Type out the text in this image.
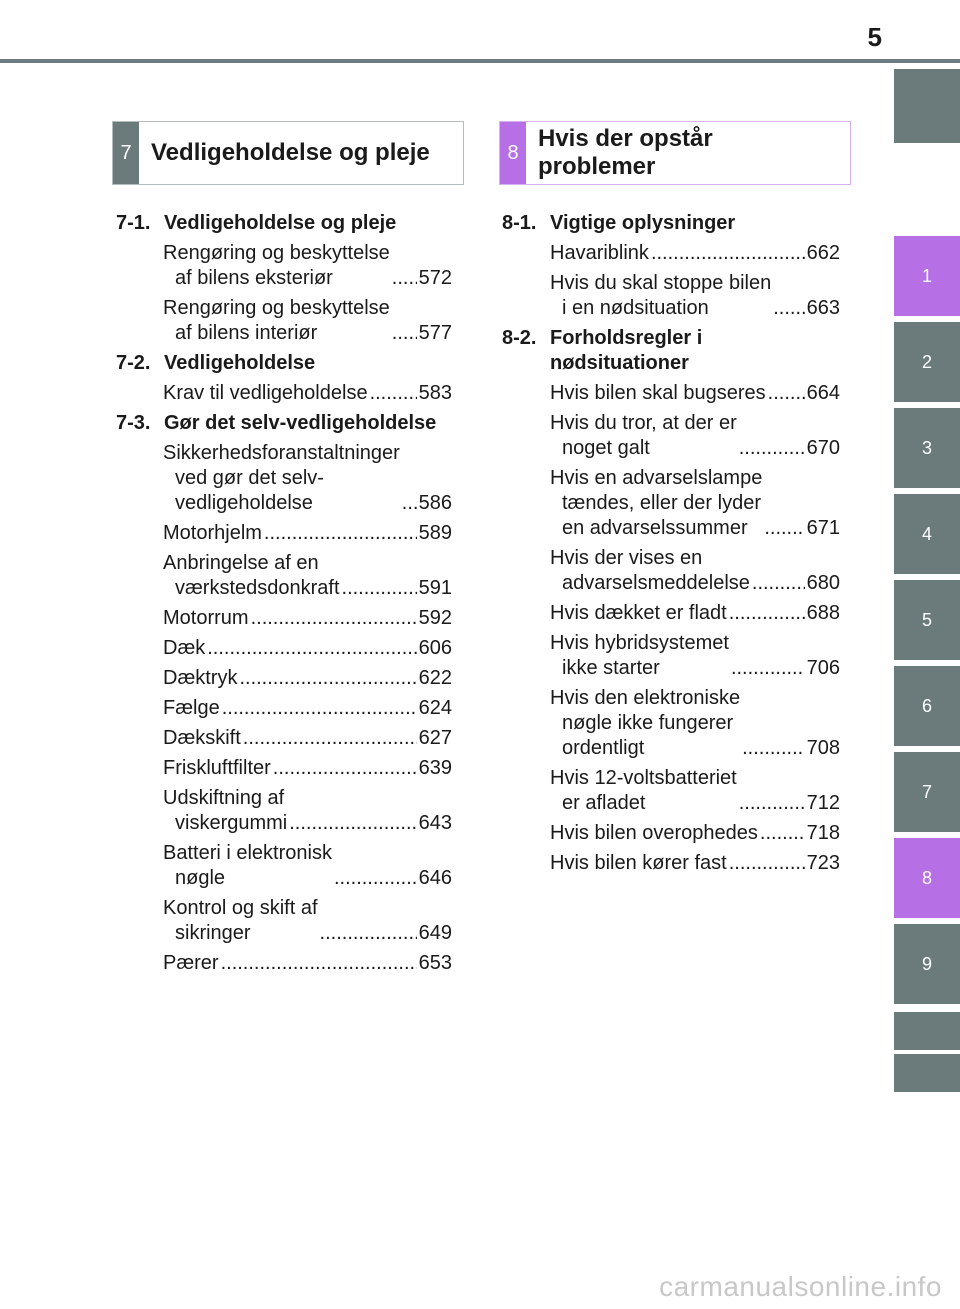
5
1
2
3
4
5
6
7
8
9
7 Vedligeholdelse og pleje	8
Hvis der opstår
problemer
7-1. Vedligeholdelse og pleje
Rengøring og beskyttelse
af bilens eksteriør .....	572
Rengøring og beskyttelse
af bilens interiør .....	577
7-2. Vedligeholdelse
Krav til vedligeholdelse .....	583
7-3. Gør det selv-vedligeholdelse
Sikkerhedsforanstaltninger
ved gør det selv-
vedligeholdelse .....	586
Motorhjelm .....	589
Anbringelse af en
værkstedsdonkraft .....	591
Motorrum .....	592
Dæk .....	606
Dæktryk .....	622
Fælge .....	624
Dækskift .....	627
Friskluftfilter .....	639
Udskiftning af
viskergummi .....	643
Batteri i elektronisk
nøgle .....	646
Kontrol og skift af
sikringer .....	649
Pærer .....	653
8-1. Vigtige oplysninger
Havariblink .....	662
Hvis du skal stoppe bilen
i en nødsituation .....	663
8-2. Forholdsregler i
nødsituationer
Hvis bilen skal bugseres ..... 664
Hvis du tror, at der er
noget galt .....	670
Hvis en advarselslampe
tændes, eller der lyder
en advarselssummer .....	671
Hvis der vises en
advarselsmeddelelse .....	680
Hvis dækket er fladt .....	688
Hvis hybridsystemet
ikke starter .....	706
Hvis den elektroniske
nøgle ikke fungerer
ordentligt .....	708
Hvis 12-voltsbatteriet
er afladet .....	712
Hvis bilen overophedes ..... 718
Hvis bilen kører fast .....	723
carmanualsonline.info
